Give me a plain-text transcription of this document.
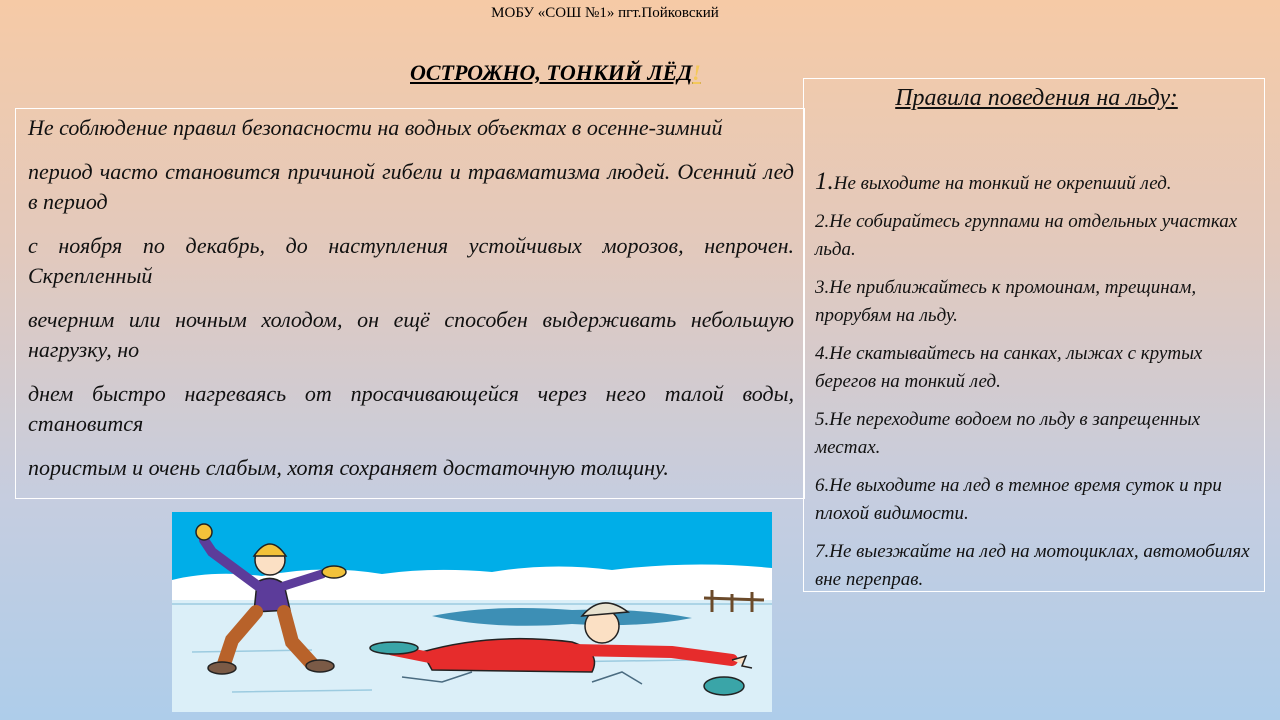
МОБУ «СОШ №1» пгт.Пойковский
ОСТРОЖНО, ТОНКИЙ ЛЁД!

Не соблюдение правил безопасности на водных объектах в осенне-зимний

период часто становится причиной гибели и травматизма людей. Осенний лед в период

с ноября по декабрь, до наступления устойчивых морозов, непрочен. Скрепленный

вечерним или ночным холодом, он ещё способен выдерживать небольшую нагрузку, но

днем быстро нагреваясь от просачивающейся через него талой воды, становится

пористым и очень слабым, хотя сохраняет достаточную толщину.

Правила поведения на льду:
1.Не выходите на тонкий не окрепший лед.
2.Не собирайтесь группами на отдельных участках льда.
3.Не приближайтесь к промоинам, трещинам, прорубям на льду.
4.Не скатывайтесь на санках, лыжах с крутых берегов на тонкий лед.
5.Не переходите водоем по льду в запрещенных местах.
6.Не выходите на лед в темное время суток и при плохой видимости.
7.Не выезжайте на лед на мотоциклах, автомобилях вне переправ.
